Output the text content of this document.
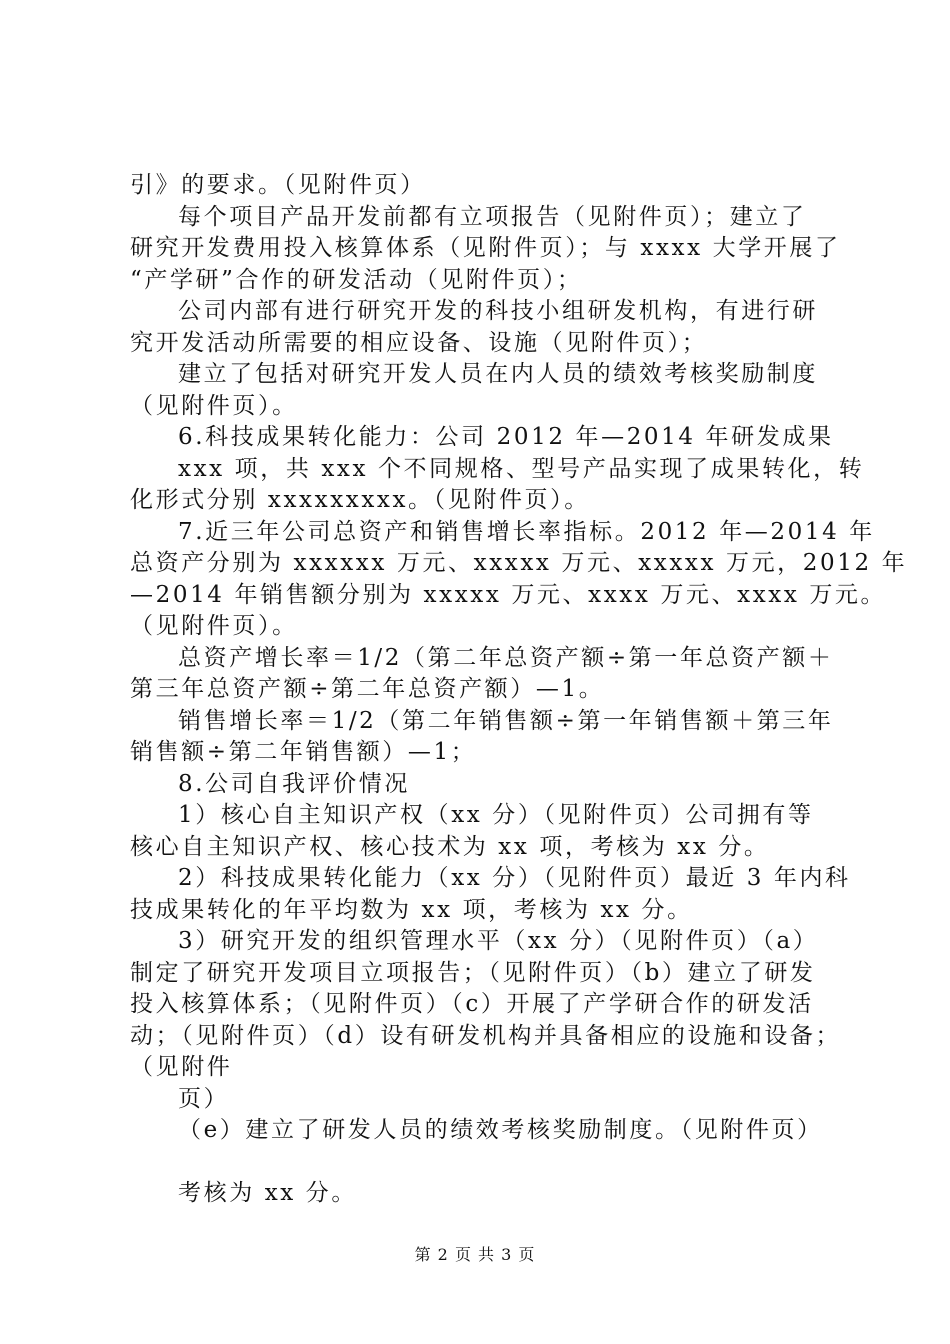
引》的要求。（见附件页）
每个项目产品开发前都有立项报告（见附件页）；建立了
研究开发费用投入核算体系（见附件页）；与 xxxx 大学开展了
“产学研”合作的研发活动（见附件页）；
公司内部有进行研究开发的科技小组研发机构，有进行研
究开发活动所需要的相应设备、设施（见附件页）；
建立了包括对研究开发人员在内人员的绩效考核奖励制度
（见附件页）。
6.科技成果转化能力：公司 2012 年—2014 年研发成果
xxx 项，共 xxx 个不同规格、型号产品实现了成果转化，转
化形式分别 xxxxxxxxx。（见附件页）。
7.近三年公司总资产和销售增长率指标。2012 年—2014 年
总资产分别为 xxxxxx 万元、xxxxx 万元、xxxxx 万元，2012 年
—2014 年销售额分别为 xxxxx 万元、xxxx 万元、xxxx 万元。
（见附件页）。
总资产增长率＝1/2（第二年总资产额÷第一年总资产额＋
第三年总资产额÷第二年总资产额）—1。
销售增长率＝1/2（第二年销售额÷第一年销售额＋第三年
销售额÷第二年销售额）—1；
8.公司自我评价情况
1）核心自主知识产权（xx 分）（见附件页）公司拥有等
核心自主知识产权、核心技术为 xx 项，考核为 xx 分。
2）科技成果转化能力（xx 分）（见附件页）最近 3 年内科
技成果转化的年平均数为 xx 项，考核为 xx 分。
3）研究开发的组织管理水平（xx 分）（见附件页）（a）
制定了研究开发项目立项报告；（见附件页）（b）建立了研发
投入核算体系；（见附件页）（c）开展了产学研合作的研发活
动；（见附件页）（d）设有研发机构并具备相应的设施和设备；
（见附件
页）
（e）建立了研发人员的绩效考核奖励制度。（见附件页）
考核为 xx 分。
第 2 页 共 3 页
